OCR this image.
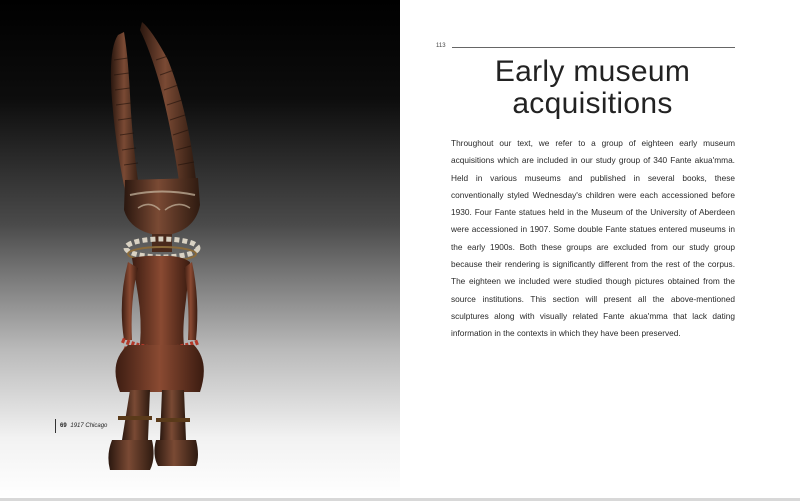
69 1917 Chicago
113
Early museum
acquisitions

Throughout our text, we refer to a group of eighteen early museum acquisitions which are included in our study group of 340 Fante akua'mma. Held in various museums and published in several books, these conventionally styled Wednesday's children were each accessioned before 1930. Four Fante statues held in the Museum of the University of Aberdeen were accessioned in 1907. Some double Fante statues entered museums in the early 1900s. Both these groups are excluded from our study group because their rendering is significantly different from the rest of the corpus. The eighteen we included were studied though pictures obtained from the source institutions. This section will present all the above-mentioned sculptures along with visually related Fante akua'mma that lack dating information in the contexts in which they have been preserved.
